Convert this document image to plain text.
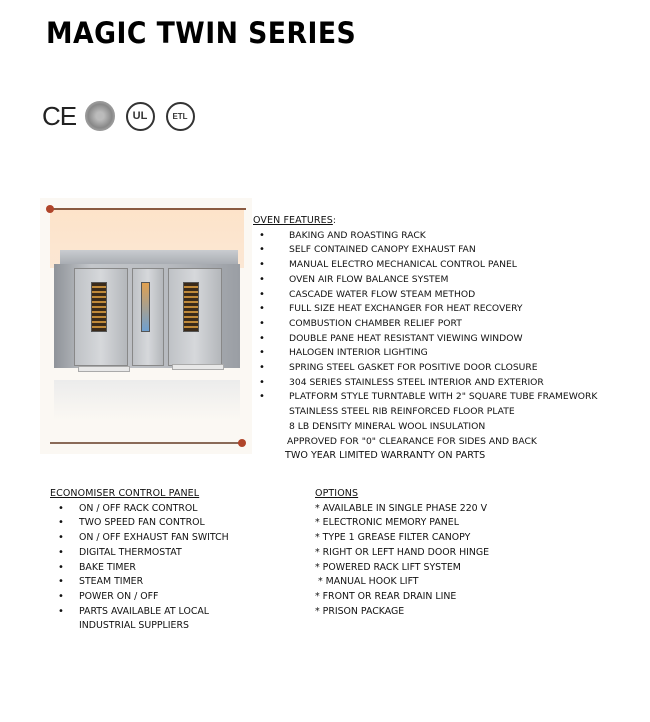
MAGIC TWIN SERIES
CE	UL	ETL
OVEN FEATURES:
• BAKING AND ROASTING RACK
• SELF CONTAINED CANOPY EXHAUST FAN
• MANUAL ELECTRO MECHANICAL CONTROL PANEL
• OVEN AIR FLOW BALANCE SYSTEM
• CASCADE WATER FLOW STEAM METHOD
• FULL SIZE HEAT EXCHANGER FOR HEAT RECOVERY
• COMBUSTION CHAMBER RELIEF PORT
• DOUBLE PANE HEAT RESISTANT VIEWING WINDOW
• HALOGEN INTERIOR LIGHTING
• SPRING STEEL GASKET FOR POSITIVE DOOR CLOSURE
• 304 SERIES STAINLESS STEEL INTERIOR AND EXTERIOR
• PLATFORM STYLE TURNTABLE WITH 2" SQUARE TUBE FRAMEWORK
STAINLESS STEEL RIB REINFORCED FLOOR PLATE
8 LB DENSITY MINERAL WOOL INSULATION
APPROVED FOR "0" CLEARANCE FOR SIDES AND BACK
TWO YEAR LIMITED WARRANTY ON PARTS
ECONOMISER CONTROL PANEL
• ON / OFF RACK CONTROL
• TWO SPEED FAN CONTROL
• ON / OFF EXHAUST FAN SWITCH
• DIGITAL THERMOSTAT
• BAKE TIMER
• STEAM TIMER
• POWER ON / OFF
• PARTS AVAILABLE AT LOCAL INDUSTRIAL SUPPLIERS
OPTIONS
* AVAILABLE IN SINGLE PHASE 220 V
* ELECTRONIC MEMORY PANEL
* TYPE 1 GREASE FILTER CANOPY
* RIGHT OR LEFT HAND DOOR HINGE
* POWERED RACK LIFT SYSTEM
* MANUAL HOOK LIFT
* FRONT OR REAR DRAIN LINE
* PRISON PACKAGE
